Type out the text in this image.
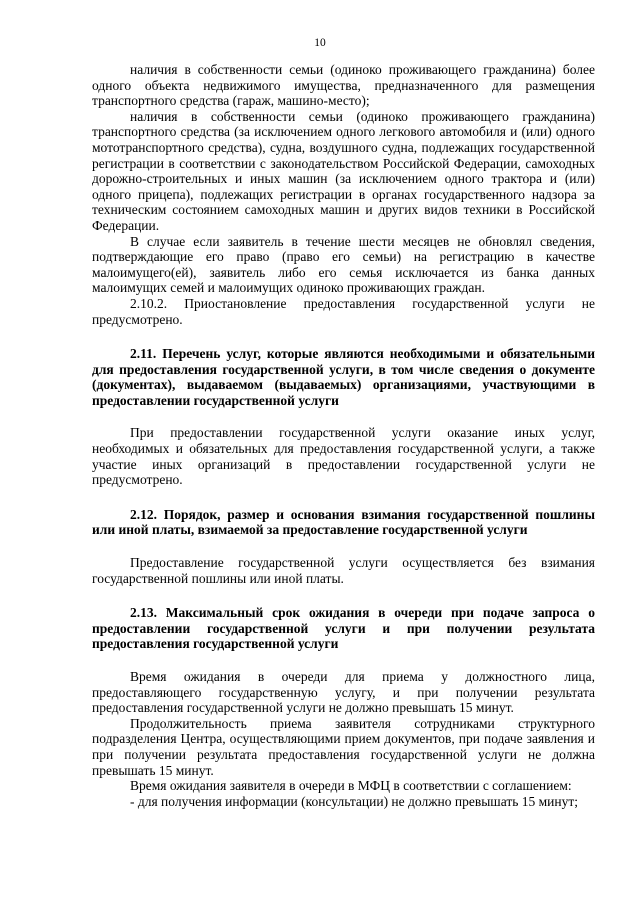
10

наличия в собственности семьи (одиноко проживающего гражданина) более одного объекта недвижимого имущества, предназначенного для размещения транспортного средства (гараж, машино-место);

наличия в собственности семьи (одиноко проживающего гражданина) транспортного средства (за исключением одного легкового автомобиля и (или) одного мототранспортного средства), судна, воздушного судна, подлежащих государственной регистрации в соответствии с законодательством Российской Федерации, самоходных дорожно-строительных и иных машин (за исключением одного трактора и (или) одного прицепа), подлежащих регистрации в органах государственного надзора за техническим состоянием самоходных машин и других видов техники в Российской Федерации.

В случае если заявитель в течение шести месяцев не обновлял сведения, подтверждающие его право (право его семьи) на регистрацию в качестве малоимущего(ей), заявитель либо его семья исключается из банка данных малоимущих семей и малоимущих одиноко проживающих граждан.

2.10.2. Приостановление предоставления государственной услуги не предусмотрено.

2.11. Перечень услуг, которые являются необходимыми и обязательными для предоставления государственной услуги, в том числе сведения о документе (документах), выдаваемом (выдаваемых) организациями, участвующими в предоставлении государственной услуги

При предоставлении государственной услуги оказание иных услуг, необходимых и обязательных для предоставления государственной услуги, а также участие иных организаций в предоставлении государственной услуги не предусмотрено.

2.12. Порядок, размер и основания взимания государственной пошлины или иной платы, взимаемой за предоставление государственной услуги

Предоставление государственной услуги осуществляется без взимания государственной пошлины или иной платы.

2.13. Максимальный срок ожидания в очереди при подаче запроса о предоставлении государственной услуги и при получении результата предоставления государственной услуги

Время ожидания в очереди для приема у должностного лица, предоставляющего государственную услугу, и при получении результата предоставления государственной услуги не должно превышать 15 минут.

Продолжительность приема заявителя сотрудниками структурного подразделения Центра, осуществляющими прием документов, при подаче заявления и при получении результата предоставления государственной услуги не должна превышать 15 минут.

Время ожидания заявителя в очереди в МФЦ в соответствии с соглашением:

- для получения информации (консультации) не должно превышать 15 минут;
